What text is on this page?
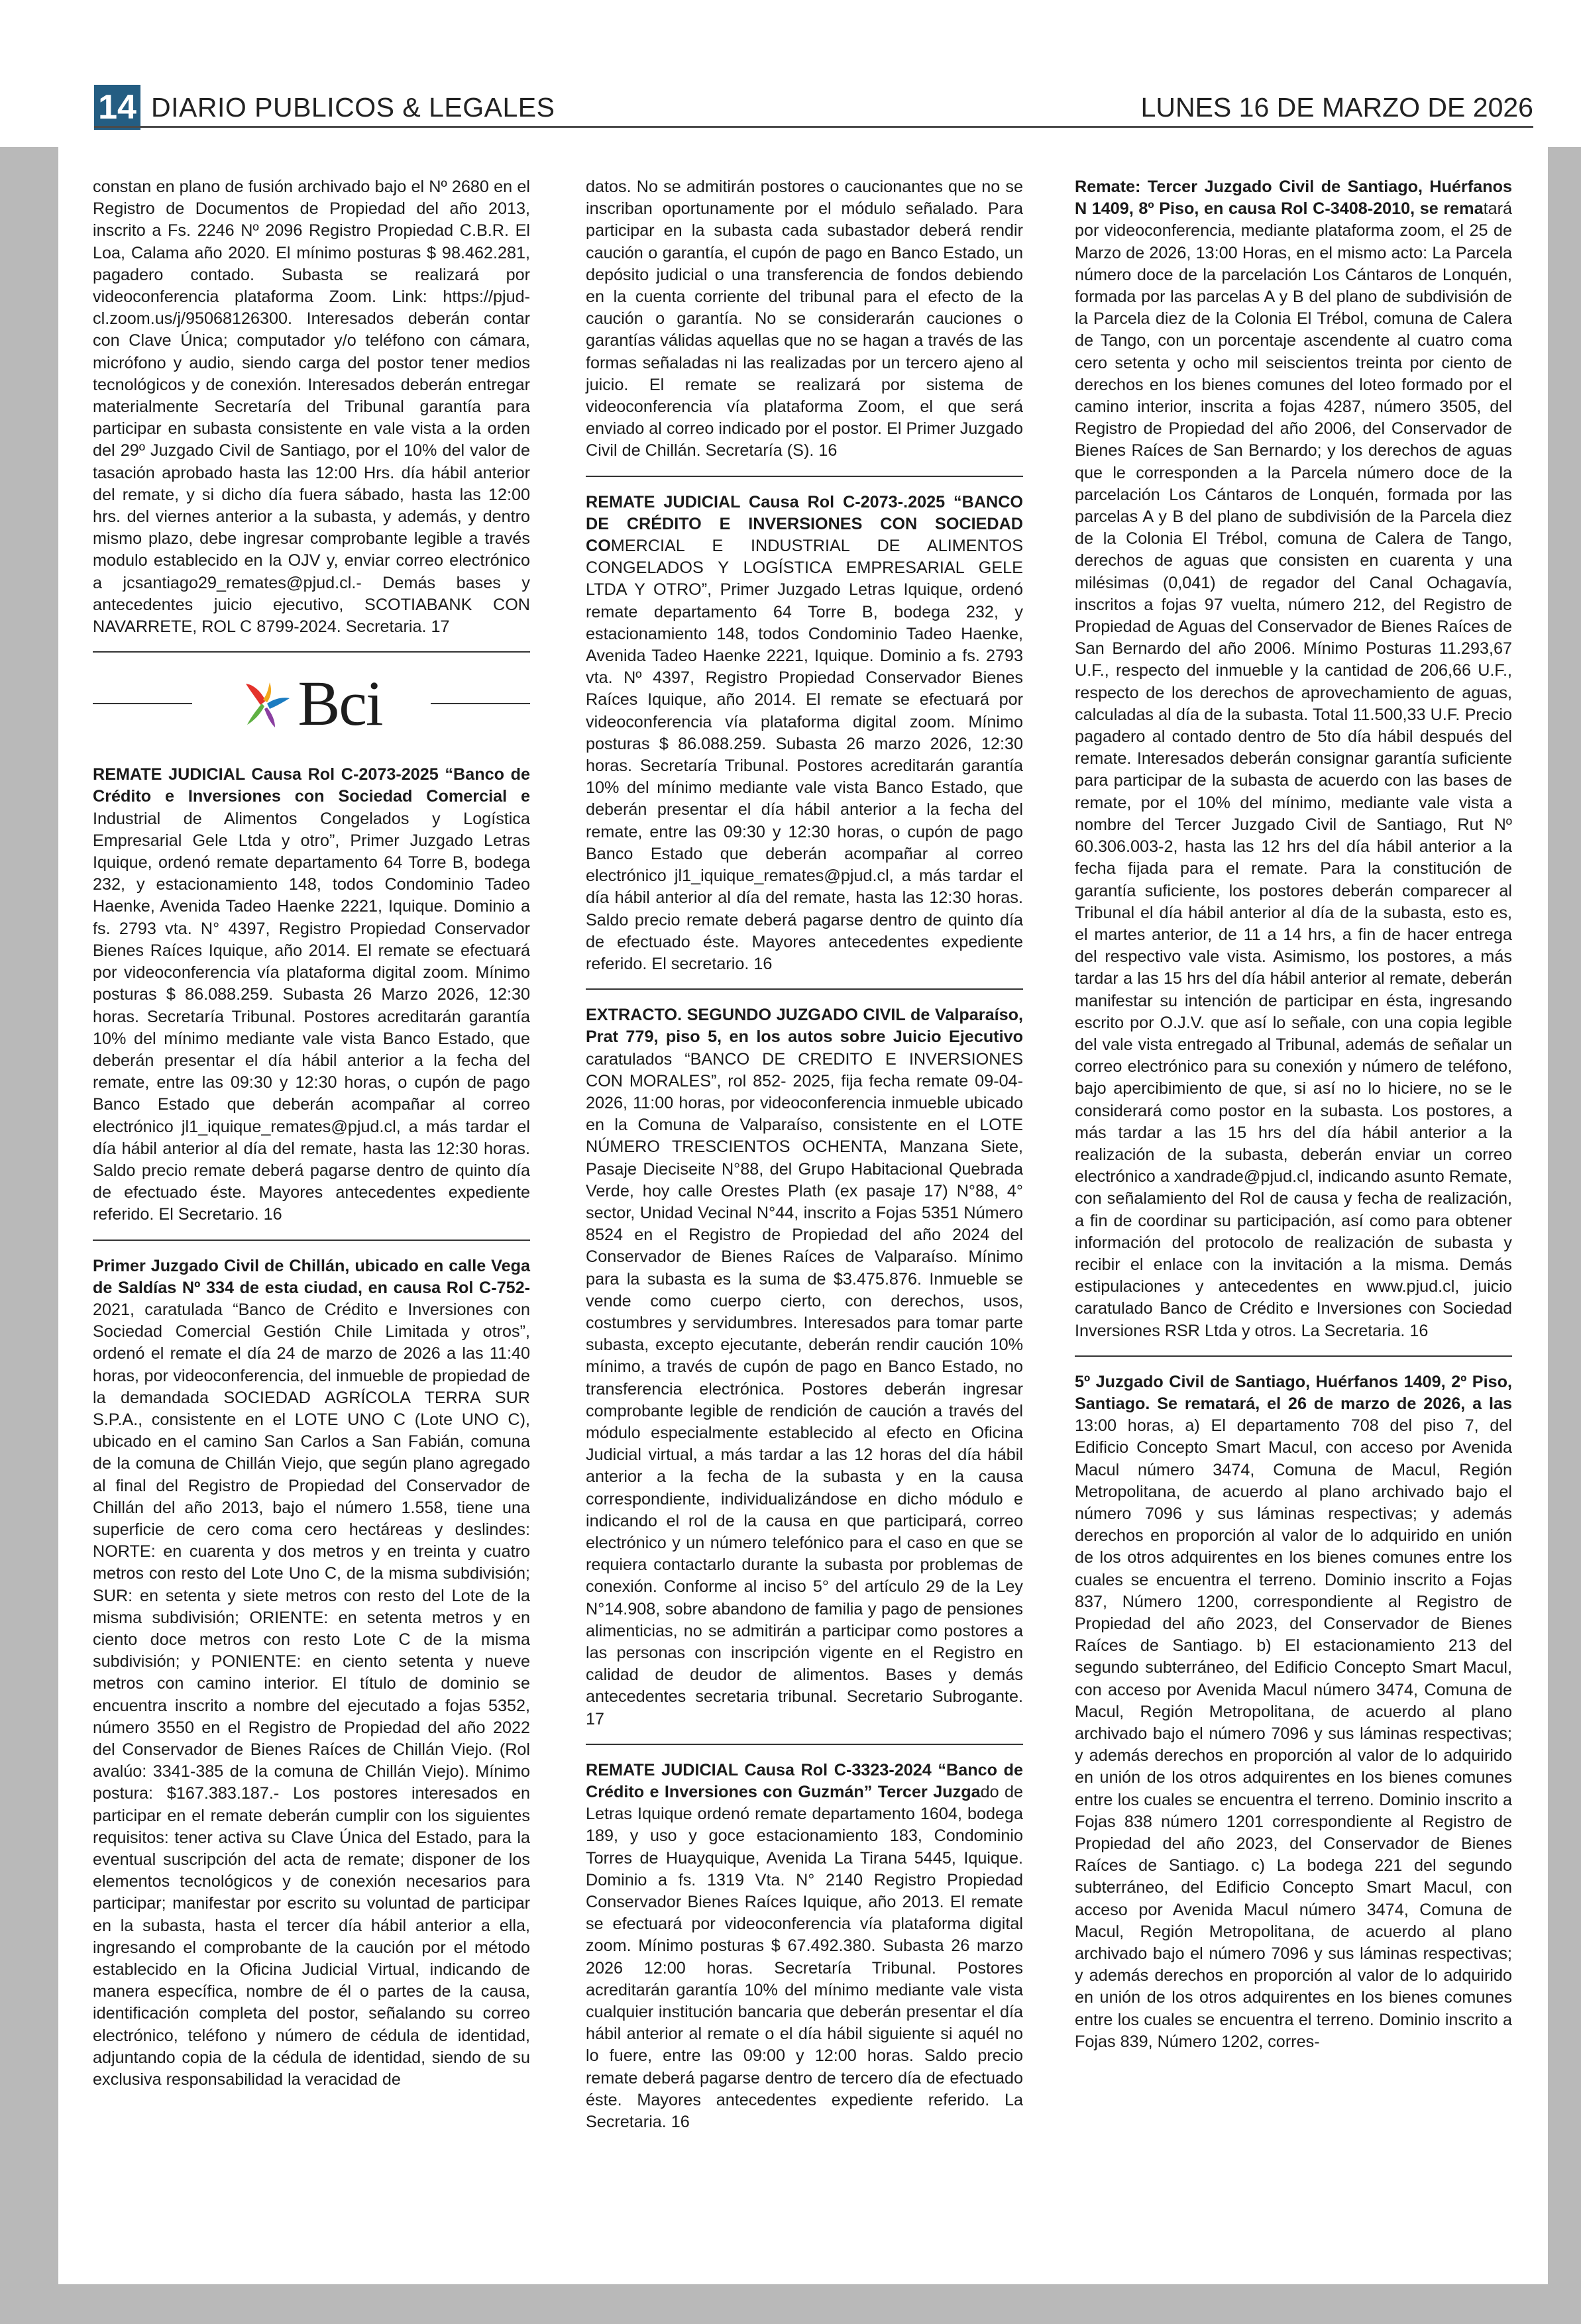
14 DIARIO PUBLICOS & LEGALES	LUNES 16 DE MARZO DE 2026

constan en plano de fusión archivado bajo el Nº 2680 en el Registro de Documentos de Propiedad del año 2013, inscrito a Fs. 2246 Nº 2096 Registro Propiedad C.B.R. El Loa, Calama año 2020. El mínimo posturas $ 98.462.281, pagadero contado. Subasta se realizará por videoconferencia plataforma Zoom. Link: https://pjud-cl.zoom.us/j/95068126300. Interesados deberán contar con Clave Única; computador y/o teléfono con cámara, micrófono y audio, siendo carga del postor tener medios tecnológicos y de conexión. Interesados deberán entregar materialmente Secretaría del Tribunal garantía para participar en subasta consistente en vale vista a la orden del 29º Juzgado Civil de Santiago, por el 10% del valor de tasación aprobado hasta las 12:00 Hrs. día hábil anterior del remate, y si dicho día fuera sábado, hasta las 12:00 hrs. del viernes anterior a la subasta, y además, y dentro mismo plazo, debe ingresar comprobante legible a través modulo establecido en la OJV y, enviar correo electrónico a jcsantiago29_remates@pjud.cl.- Demás bases y antecedentes juicio ejecutivo, SCOTIABANK CON NAVARRETE, ROL C 8799-2024. Secretaria. 17

Bci

REMATE JUDICIAL Causa Rol C-2073-2025 “Banco de Crédito e Inversiones con Sociedad Comercial e Industrial de Alimentos Congelados y Logística Empresarial Gele Ltda y otro”, Primer Juzgado Letras Iquique, ordenó remate departamento 64 Torre B, bodega 232, y estacionamiento 148, todos Condominio Tadeo Haenke, Avenida Tadeo Haenke 2221, Iquique. Dominio a fs. 2793 vta. N° 4397, Registro Propiedad Conservador Bienes Raíces Iquique, año 2014. El remate se efectuará por videoconferencia vía plataforma digital zoom. Mínimo posturas $ 86.088.259. Subasta 26 Marzo 2026, 12:30 horas. Secretaría Tribunal. Postores acreditarán garantía 10% del mínimo mediante vale vista Banco Estado, que deberán presentar el día hábil anterior a la fecha del remate, entre las 09:30 y 12:30 horas, o cupón de pago Banco Estado que deberán acompañar al correo electrónico jl1_iquique_remates@pjud.cl, a más tardar el día hábil anterior al día del remate, hasta las 12:30 horas. Saldo precio remate deberá pagarse dentro de quinto día de efectuado éste. Mayores antecedentes expediente referido. El Secretario. 16

Primer Juzgado Civil de Chillán, ubicado en calle Vega de Saldías Nº 334 de esta ciudad, en causa Rol C-752-2021, caratulada “Banco de Crédito e Inversiones con Sociedad Comercial Gestión Chile Limitada y otros”, ordenó el remate el día 24 de marzo de 2026 a las 11:40 horas, por videoconferencia, del inmueble de propiedad de la demandada SOCIEDAD AGRÍCOLA TERRA SUR S.P.A., consistente en el LOTE UNO C (Lote UNO C), ubicado en el camino San Carlos a San Fabián, comuna de la comuna de Chillán Viejo, que según plano agregado al final del Registro de Propiedad del Conservador de Chillán del año 2013, bajo el número 1.558, tiene una superficie de cero coma cero hectáreas y deslindes: NORTE: en cuarenta y dos metros y en treinta y cuatro metros con resto del Lote Uno C, de la misma subdivisión; SUR: en setenta y siete metros con resto del Lote de la misma subdivisión; ORIENTE: en setenta metros y en ciento doce metros con resto Lote C de la misma subdivisión; y PONIENTE: en ciento setenta y nueve metros con camino interior. El título de dominio se encuentra inscrito a nombre del ejecutado a fojas 5352, número 3550 en el Registro de Propiedad del año 2022 del Conservador de Bienes Raíces de Chillán Viejo. (Rol avalúo: 3341-385 de la comuna de Chillán Viejo). Mínimo postura: $167.383.187.- Los postores interesados en participar en el remate deberán cumplir con los siguientes requisitos: tener activa su Clave Única del Estado, para la eventual suscripción del acta de remate; disponer de los elementos tecnológicos y de conexión necesarios para participar; manifestar por escrito su voluntad de participar en la subasta, hasta el tercer día hábil anterior a ella, ingresando el comprobante de la caución por el método establecido en la Oficina Judicial Virtual, indicando de manera específica, nombre de él o partes de la causa, identificación completa del postor, señalando su correo electrónico, teléfono y número de cédula de identidad, adjuntando copia de la cédula de identidad, siendo de su exclusiva responsabilidad la veracidad de

datos. No se admitirán postores o caucionantes que no se inscriban oportunamente por el módulo señalado. Para participar en la subasta cada subastador deberá rendir caución o garantía, el cupón de pago en Banco Estado, un depósito judicial o una transferencia de fondos debiendo en la cuenta corriente del tribunal para el efecto de la caución o garantía. No se considerarán cauciones o garantías válidas aquellas que no se hagan a través de las formas señaladas ni las realizadas por un tercero ajeno al juicio. El remate se realizará por sistema de videoconferencia vía plataforma Zoom, el que será enviado al correo indicado por el postor. El Primer Juzgado Civil de Chillán. Secretaría (S). 16

REMATE JUDICIAL Causa Rol C-2073-.2025 “BANCO DE CRÉDITO E INVERSIONES CON SOCIEDAD COMERCIAL E INDUSTRIAL DE ALIMENTOS CONGELADOS Y LOGÍSTICA EMPRESARIAL GELE LTDA Y OTRO”, Primer Juzgado Letras Iquique, ordenó remate departamento 64 Torre B, bodega 232, y estacionamiento 148, todos Condominio Tadeo Haenke, Avenida Tadeo Haenke 2221, Iquique. Dominio a fs. 2793 vta. Nº 4397, Registro Propiedad Conservador Bienes Raíces Iquique, año 2014. El remate se efectuará por videoconferencia vía plataforma digital zoom. Mínimo posturas $ 86.088.259. Subasta 26 marzo 2026, 12:30 horas. Secretaría Tribunal. Postores acreditarán garantía 10% del mínimo mediante vale vista Banco Estado, que deberán presentar el día hábil anterior a la fecha del remate, entre las 09:30 y 12:30 horas, o cupón de pago Banco Estado que deberán acompañar al correo electrónico jl1_iquique_remates@pjud.cl, a más tardar el día hábil anterior al día del remate, hasta las 12:30 horas. Saldo precio remate deberá pagarse dentro de quinto día de efectuado éste. Mayores antecedentes expediente referido. El secretario. 16

EXTRACTO. SEGUNDO JUZGADO CIVIL de Valparaíso, Prat 779, piso 5, en los autos sobre Juicio Ejecutivo caratulados “BANCO DE CREDITO E INVERSIONES CON MORALES”, rol 852- 2025, fija fecha remate 09-04-2026, 11:00 horas, por videoconferencia inmueble ubicado en la Comuna de Valparaíso, consistente en el LOTE NÚMERO TRESCIENTOS OCHENTA, Manzana Siete, Pasaje Dieciseite N°88, del Grupo Habitacional Quebrada Verde, hoy calle Orestes Plath (ex pasaje 17) N°88, 4° sector, Unidad Vecinal N°44, inscrito a Fojas 5351 Número 8524 en el Registro de Propiedad del año 2024 del Conservador de Bienes Raíces de Valparaíso. Mínimo para la subasta es la suma de $3.475.876. Inmueble se vende como cuerpo cierto, con derechos, usos, costumbres y servidumbres. Interesados para tomar parte subasta, excepto ejecutante, deberán rendir caución 10% mínimo, a través de cupón de pago en Banco Estado, no transferencia electrónica. Postores deberán ingresar comprobante legible de rendición de caución a través del módulo especialmente establecido al efecto en Oficina Judicial virtual, a más tardar a las 12 horas del día hábil anterior a la fecha de la subasta y en la causa correspondiente, individualizándose en dicho módulo e indicando el rol de la causa en que participará, correo electrónico y un número telefónico para el caso en que se requiera contactarlo durante la subasta por problemas de conexión. Conforme al inciso 5° del artículo 29 de la Ley N°14.908, sobre abandono de familia y pago de pensiones alimenticias, no se admitirán a participar como postores a las personas con inscripción vigente en el Registro en calidad de deudor de alimentos. Bases y demás antecedentes secretaria tribunal. Secretario Subrogante. 17

REMATE JUDICIAL Causa Rol C-3323-2024 “Banco de Crédito e Inversiones con Guzmán” Tercer Juzgado de Letras Iquique ordenó remate departamento 1604, bodega 189, y uso y goce estacionamiento 183, Condominio Torres de Huayquique, Avenida La Tirana 5445, Iquique. Dominio a fs. 1319 Vta. N° 2140 Registro Propiedad Conservador Bienes Raíces Iquique, año 2013. El remate se efectuará por videoconferencia vía plataforma digital zoom. Mínimo posturas $ 67.492.380. Subasta 26 marzo 2026 12:00 horas. Secretaría Tribunal. Postores acreditarán garantía 10% del mínimo mediante vale vista cualquier institución bancaria que deberán presentar el día hábil anterior al remate o el día hábil siguiente si aquél no lo fuere, entre las 09:00 y 12:00 horas. Saldo precio remate deberá pagarse dentro de tercero día de efectuado éste. Mayores antecedentes expediente referido. La Secretaria. 16

Remate: Tercer Juzgado Civil de Santiago, Huérfanos N 1409, 8º Piso, en causa Rol C-3408-2010, se rematará por videoconferencia, mediante plataforma zoom, el 25 de Marzo de 2026, 13:00 Horas, en el mismo acto: La Parcela número doce de la parcelación Los Cántaros de Lonquén, formada por las parcelas A y B del plano de subdivisión de la Parcela diez de la Colonia El Trébol, comuna de Calera de Tango, con un porcentaje ascendente al cuatro coma cero setenta y ocho mil seiscientos treinta por ciento de derechos en los bienes comunes del loteo formado por el camino interior, inscrita a fojas 4287, número 3505, del Registro de Propiedad del año 2006, del Conservador de Bienes Raíces de San Bernardo; y los derechos de aguas que le corresponden a la Parcela número doce de la parcelación Los Cántaros de Lonquén, formada por las parcelas A y B del plano de subdivisión de la Parcela diez de la Colonia El Trébol, comuna de Calera de Tango, derechos de aguas que consisten en cuarenta y una milésimas (0,041) de regador del Canal Ochagavía, inscritos a fojas 97 vuelta, número 212, del Registro de Propiedad de Aguas del Conservador de Bienes Raíces de San Bernardo del año 2006. Mínimo Posturas 11.293,67 U.F., respecto del inmueble y la cantidad de 206,66 U.F., respecto de los derechos de aprovechamiento de aguas, calculadas al día de la subasta. Total 11.500,33 U.F. Precio pagadero al contado dentro de 5to día hábil después del remate. Interesados deberán consignar garantía suficiente para participar de la subasta de acuerdo con las bases de remate, por el 10% del mínimo, mediante vale vista a nombre del Tercer Juzgado Civil de Santiago, Rut Nº 60.306.003-2, hasta las 12 hrs del día hábil anterior a la fecha fijada para el remate. Para la constitución de garantía suficiente, los postores deberán comparecer al Tribunal el día hábil anterior al día de la subasta, esto es, el martes anterior, de 11 a 14 hrs, a fin de hacer entrega del respectivo vale vista. Asimismo, los postores, a más tardar a las 15 hrs del día hábil anterior al remate, deberán manifestar su intención de participar en ésta, ingresando escrito por O.J.V. que así lo señale, con una copia legible del vale vista entregado al Tribunal, además de señalar un correo electrónico para su conexión y número de teléfono, bajo apercibimiento de que, si así no lo hiciere, no se le considerará como postor en la subasta. Los postores, a más tardar a las 15 hrs del día hábil anterior a la realización de la subasta, deberán enviar un correo electrónico a xandrade@pjud.cl, indicando asunto Remate, con señalamiento del Rol de causa y fecha de realización, a fin de coordinar su participación, así como para obtener información del protocolo de realización de subasta y recibir el enlace con la invitación a la misma. Demás estipulaciones y antecedentes en www.pjud.cl, juicio caratulado Banco de Crédito e Inversiones con Sociedad Inversiones RSR Ltda y otros. La Secretaria. 16

5º Juzgado Civil de Santiago, Huérfanos 1409, 2º Piso, Santiago. Se rematará, el 26 de marzo de 2026, a las 13:00 horas, a) El departamento 708 del piso 7, del Edificio Concepto Smart Macul, con acceso por Avenida Macul número 3474, Comuna de Macul, Región Metropolitana, de acuerdo al plano archivado bajo el número 7096 y sus láminas respectivas; y además derechos en proporción al valor de lo adquirido en unión de los otros adquirentes en los bienes comunes entre los cuales se encuentra el terreno. Dominio inscrito a Fojas 837, Número 1200, correspondiente al Registro de Propiedad del año 2023, del Conservador de Bienes Raíces de Santiago. b) El estacionamiento 213 del segundo subterráneo, del Edificio Concepto Smart Macul, con acceso por Avenida Macul número 3474, Comuna de Macul, Región Metropolitana, de acuerdo al plano archivado bajo el número 7096 y sus láminas respectivas; y además derechos en proporción al valor de lo adquirido en unión de los otros adquirentes en los bienes comunes entre los cuales se encuentra el terreno. Dominio inscrito a Fojas 838 número 1201 correspondiente al Registro de Propiedad del año 2023, del Conservador de Bienes Raíces de Santiago. c) La bodega 221 del segundo subterráneo, del Edificio Concepto Smart Macul, con acceso por Avenida Macul número 3474, Comuna de Macul, Región Metropolitana, de acuerdo al plano archivado bajo el número 7096 y sus láminas respectivas; y además derechos en proporción al valor de lo adquirido en unión de los otros adquirentes en los bienes comunes entre los cuales se encuentra el terreno. Dominio inscrito a Fojas 839, Número 1202, corres-
